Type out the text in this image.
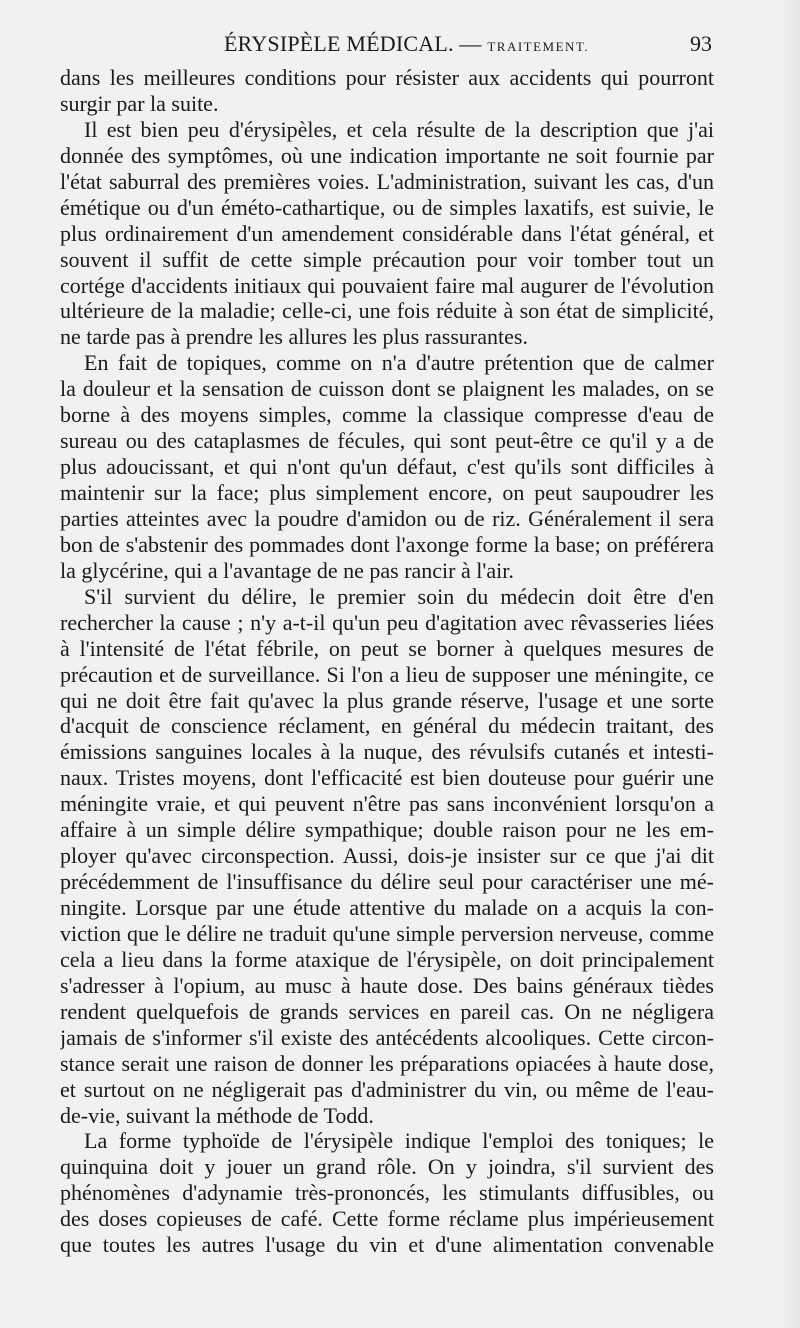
ÉRYSIPÈLE MÉDICAL. — TRAITEMENT.	93
dans les meilleures conditions pour résister aux accidents qui pourront
surgir par la suite.
Il est bien peu d'érysipèles, et cela résulte de la description que j'ai
donnée des symptômes, où une indication importante ne soit fournie par
l'état saburral des premières voies. L'administration, suivant les cas, d'un
émétique ou d'un éméto-cathartique, ou de simples laxatifs, est suivie, le
plus ordinairement d'un amendement considérable dans l'état général, et
souvent il suffit de cette simple précaution pour voir tomber tout un
cortége d'accidents initiaux qui pouvaient faire mal augurer de l'évolution
ultérieure de la maladie; celle-ci, une fois réduite à son état de simplicité,
ne tarde pas à prendre les allures les plus rassurantes.
En fait de topiques, comme on n'a d'autre prétention que de calmer
la douleur et la sensation de cuisson dont se plaignent les malades, on se
borne à des moyens simples, comme la classique compresse d'eau de
sureau ou des cataplasmes de fécules, qui sont peut-être ce qu'il y a de
plus adoucissant, et qui n'ont qu'un défaut, c'est qu'ils sont difficiles à
maintenir sur la face; plus simplement encore, on peut saupoudrer les
parties atteintes avec la poudre d'amidon ou de riz. Généralement il sera
bon de s'abstenir des pommades dont l'axonge forme la base; on préférera
la glycérine, qui a l'avantage de ne pas rancir à l'air.
S'il survient du délire, le premier soin du médecin doit être d'en
rechercher la cause ; n'y a-t-il qu'un peu d'agitation avec rêvasseries liées
à l'intensité de l'état fébrile, on peut se borner à quelques mesures de
précaution et de surveillance. Si l'on a lieu de supposer une méningite, ce
qui ne doit être fait qu'avec la plus grande réserve, l'usage et une sorte
d'acquit de conscience réclament, en général du médecin traitant, des
émissions sanguines locales à la nuque, des révulsifs cutanés et intesti-
naux. Tristes moyens, dont l'efficacité est bien douteuse pour guérir une
méningite vraie, et qui peuvent n'être pas sans inconvénient lorsqu'on a
affaire à un simple délire sympathique; double raison pour ne les em-
ployer qu'avec circonspection. Aussi, dois-je insister sur ce que j'ai dit
précédemment de l'insuffisance du délire seul pour caractériser une mé-
ningite. Lorsque par une étude attentive du malade on a acquis la con-
viction que le délire ne traduit qu'une simple perversion nerveuse, comme
cela a lieu dans la forme ataxique de l'érysipèle, on doit principalement
s'adresser à l'opium, au musc à haute dose. Des bains généraux tièdes
rendent quelquefois de grands services en pareil cas. On ne négligera
jamais de s'informer s'il existe des antécédents alcooliques. Cette circon-
stance serait une raison de donner les préparations opiacées à haute dose,
et surtout on ne négligerait pas d'administrer du vin, ou même de l'eau-
de-vie, suivant la méthode de Todd.
La forme typhoïde de l'érysipèle indique l'emploi des toniques; le
quinquina doit y jouer un grand rôle. On y joindra, s'il survient des
phénomènes d'adynamie très-prononcés, les stimulants diffusibles, ou
des doses copieuses de café. Cette forme réclame plus impérieusement
que toutes les autres l'usage du vin et d'une alimentation convenable
